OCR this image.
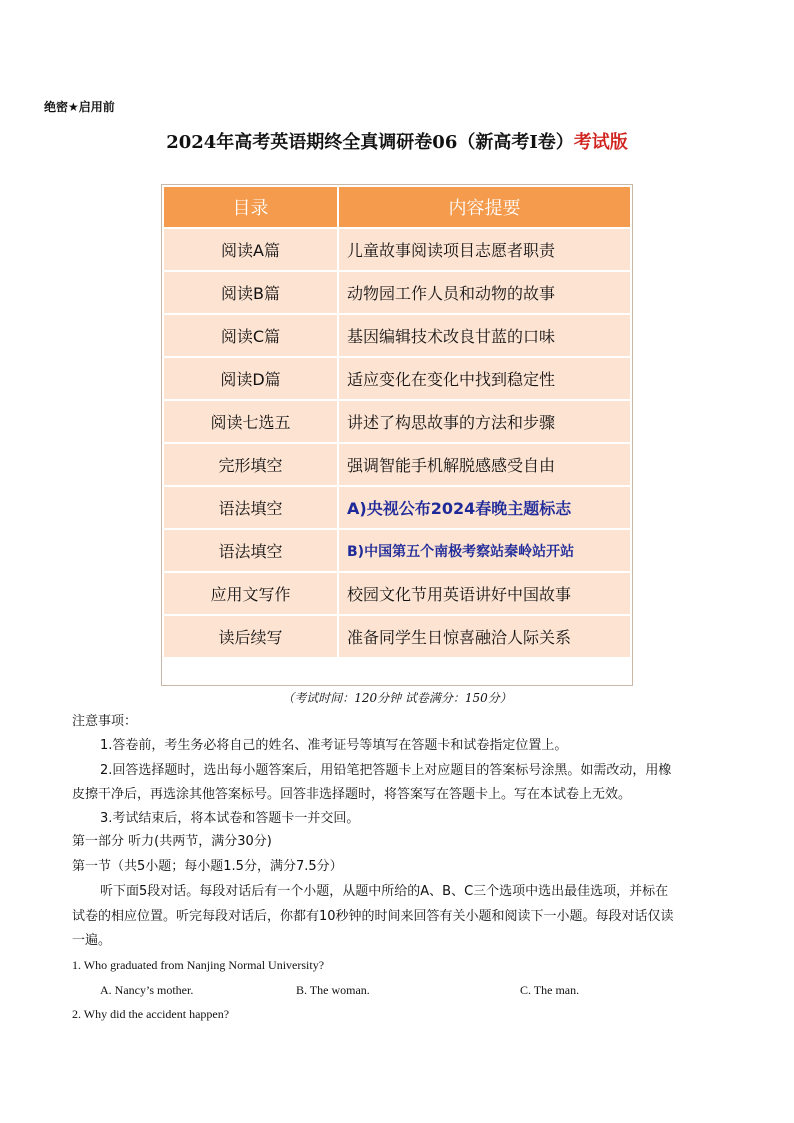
绝密★启用前
2024年高考英语期终全真调研卷06（新高考I卷）考试版
目录	内容提要
阅读A篇	儿童故事阅读项目志愿者职责
阅读B篇	动物园工作人员和动物的故事
阅读C篇	基因编辑技术改良甘蓝的口味
阅读D篇	适应变化在变化中找到稳定性
阅读七选五	讲述了构思故事的方法和步骤
完形填空	强调智能手机解脱感感受自由
语法填空	A)央视公布2024春晚主题标志
语法填空	B)中国第五个南极考察站秦岭站开站
应用文写作	校园文化节用英语讲好中国故事
读后续写	准备同学生日惊喜融洽人际关系
（考试时间：120分钟 试卷满分：150分）
注意事项：
1.答卷前，考生务必将自己的姓名、准考证号等填写在答题卡和试卷指定位置上。
2.回答选择题时，选出每小题答案后，用铅笔把答题卡上对应题目的答案标号涂黑。如需改动，用橡
皮擦干净后，再选涂其他答案标号。回答非选择题时，将答案写在答题卡上。写在本试卷上无效。
3.考试结束后，将本试卷和答题卡一并交回。
第一部分 听力(共两节，满分30分)
第一节（共5小题；每小题1.5分，满分7.5分）
听下面5段对话。每段对话后有一个小题，从题中所给的A、B、C三个选项中选出最佳选项，并标在
试卷的相应位置。听完每段对话后，你都有10秒钟的时间来回答有关小题和阅读下一小题。每段对话仅读
一遍。
1. Who graduated from Nanjing Normal University?
A. Nancy’s mother.	B. The woman.	C. The man.
2. Why did the accident happen?
